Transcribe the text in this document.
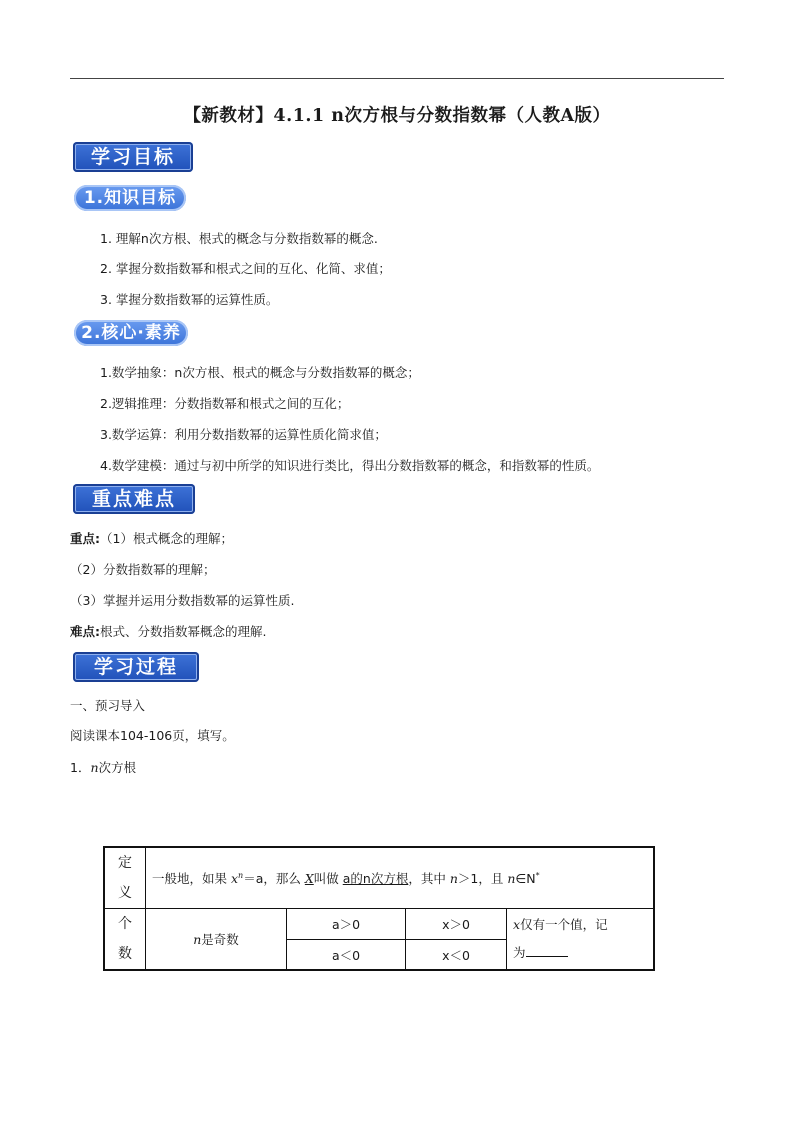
【新教材】4.1.1 n次方根与分数指数幂（人教A版）
学习目标
1.知识目标
1. 理解n次方根、根式的概念与分数指数幂的概念.
2. 掌握分数指数幂和根式之间的互化、化简、求值；
3. 掌握分数指数幂的运算性质。
2.核心·素养
1.数学抽象：n次方根、根式的概念与分数指数幂的概念；
2.逻辑推理：分数指数幂和根式之间的互化；
3.数学运算：利用分数指数幂的运算性质化简求值；
4.数学建模：通过与初中所学的知识进行类比，得出分数指数幂的概念，和指数幂的性质。
重点难点
重点:（1）根式概念的理解；
（2）分数指数幂的理解；
（3）掌握并运用分数指数幂的运算性质.
难点:根式、分数指数幂概念的理解.
学习过程
一、预习导入
阅读课本104-106页，填写。
1．n次方根
定
义	一般地，如果 $x^n=a$，那么 X叫做 a的n次方根，其中 n＞1，且 n∈N*
个
数	n是奇数	a＞0	x＞0	x仅有一个值，记
为
		a＜0	x＜0	
